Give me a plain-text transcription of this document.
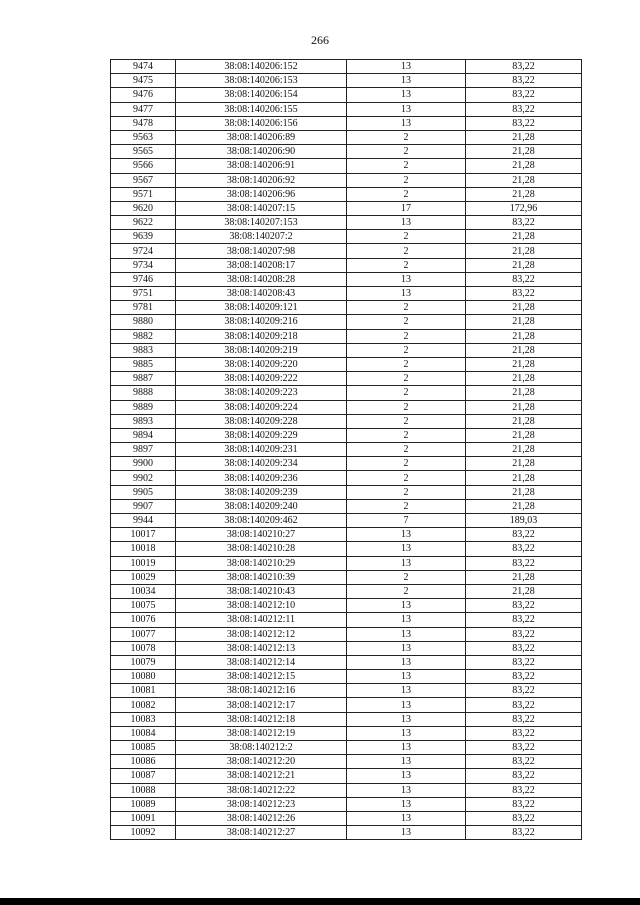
266
9474	38:08:140206:152	13	83,22
9475	38:08:140206:153	13	83,22
9476	38:08:140206:154	13	83,22
9477	38:08:140206:155	13	83,22
9478	38:08:140206:156	13	83,22
9563	38:08:140206:89	2	21,28
9565	38:08:140206:90	2	21,28
9566	38:08:140206:91	2	21,28
9567	38:08:140206:92	2	21,28
9571	38:08:140206:96	2	21,28
9620	38:08:140207:15	17	172,96
9622	38:08:140207:153	13	83,22
9639	38:08:140207:2	2	21,28
9724	38:08:140207:98	2	21,28
9734	38:08:140208:17	2	21,28
9746	38:08:140208:28	13	83,22
9751	38:08:140208:43	13	83,22
9781	38:08:140209:121	2	21,28
9880	38:08:140209:216	2	21,28
9882	38:08:140209:218	2	21,28
9883	38:08:140209:219	2	21,28
9885	38:08:140209:220	2	21,28
9887	38:08:140209:222	2	21,28
9888	38:08:140209:223	2	21,28
9889	38:08:140209:224	2	21,28
9893	38:08:140209:228	2	21,28
9894	38:08:140209:229	2	21,28
9897	38:08:140209:231	2	21,28
9900	38:08:140209:234	2	21,28
9902	38:08:140209:236	2	21,28
9905	38:08:140209:239	2	21,28
9907	38:08:140209:240	2	21,28
9944	38:08:140209:462	7	189,03
10017	38:08:140210:27	13	83,22
10018	38:08:140210:28	13	83,22
10019	38:08:140210:29	13	83,22
10029	38:08:140210:39	2	21,28
10034	38:08:140210:43	2	21,28
10075	38:08:140212:10	13	83,22
10076	38:08:140212:11	13	83,22
10077	38:08:140212:12	13	83,22
10078	38:08:140212:13	13	83,22
10079	38:08:140212:14	13	83,22
10080	38:08:140212:15	13	83,22
10081	38:08:140212:16	13	83,22
10082	38:08:140212:17	13	83,22
10083	38:08:140212:18	13	83,22
10084	38:08:140212:19	13	83,22
10085	38:08:140212:2	13	83,22
10086	38:08:140212:20	13	83,22
10087	38:08:140212:21	13	83,22
10088	38:08:140212:22	13	83,22
10089	38:08:140212:23	13	83,22
10091	38:08:140212:26	13	83,22
10092	38:08:140212:27	13	83,22
